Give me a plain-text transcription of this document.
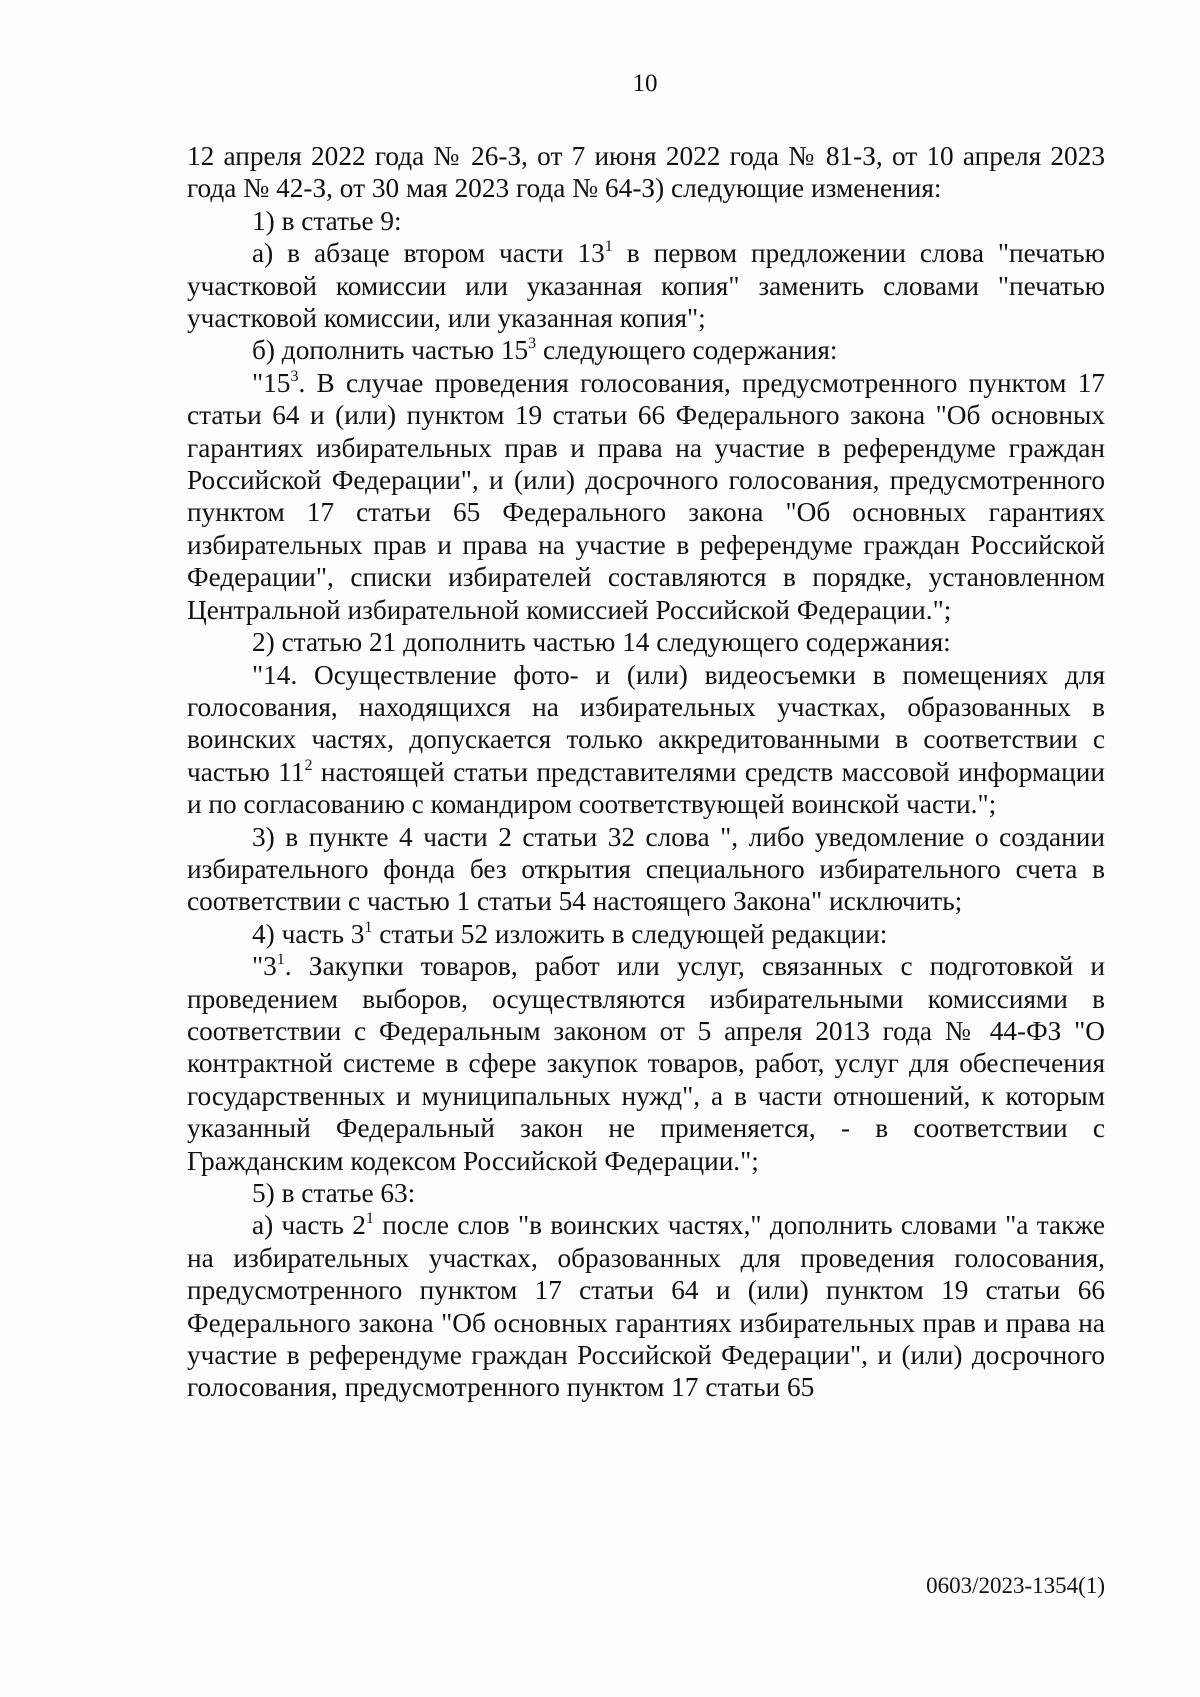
10

12 апреля 2022 года № 26-З, от 7 июня 2022 года № 81-З, от 10 апреля 2023 года № 42-З, от 30 мая 2023 года № 64-З) следующие изменения:

1) в статье 9:

а) в абзаце втором части $13^1$ в первом предложении слова "печатью участковой комиссии или указанная копия" заменить словами "печатью участковой комиссии, или указанная копия";

б) дополнить частью $15^3$ следующего содержания:

"$15^3$. В случае проведения голосования, предусмотренного пунктом 17 статьи 64 и (или) пунктом 19 статьи 66 Федерального закона "Об основных гарантиях избирательных прав и права на участие в референдуме граждан Российской Федерации", и (или) досрочного голосования, предусмотренного пунктом 17 статьи 65 Федерального закона "Об основных гарантиях избирательных прав и права на участие в референдуме граждан Российской Федерации", списки избирателей составляются в порядке, установленном Центральной избирательной комиссией Российской Федерации.";

2) статью 21 дополнить частью 14 следующего содержания:

"14. Осуществление фото- и (или) видеосъемки в помещениях для голосования, находящихся на избирательных участках, образованных в воинских частях, допускается только аккредитованными в соответствии с частью $11^2$ настоящей статьи представителями средств массовой информации и по согласованию с командиром соответствующей воинской части.";

3) в пункте 4 части 2 статьи 32 слова ", либо уведомление о создании избирательного фонда без открытия специального избирательного счета в соответствии с частью 1 статьи 54 настоящего Закона" исключить;

4) часть $3^1$ статьи 52 изложить в следующей редакции:

"$3^1$. Закупки товаров, работ или услуг, связанных с подготовкой и проведением выборов, осуществляются избирательными комиссиями в соответствии с Федеральным законом от 5 апреля 2013 года № 44-ФЗ "О контрактной системе в сфере закупок товаров, работ, услуг для обеспечения государственных и муниципальных нужд", а в части отношений, к которым указанный Федеральный закон не применяется, - в соответствии с Гражданским кодексом Российской Федерации.";

5) в статье 63:

а) часть $2^1$ после слов "в воинских частях," дополнить словами "а также на избирательных участках, образованных для проведения голосования, предусмотренного пунктом 17 статьи 64 и (или) пунктом 19 статьи 66 Федерального закона "Об основных гарантиях избирательных прав и права на участие в референдуме граждан Российской Федерации", и (или) досрочного голосования, предусмотренного пунктом 17 статьи 65

0603/2023-1354(1)
